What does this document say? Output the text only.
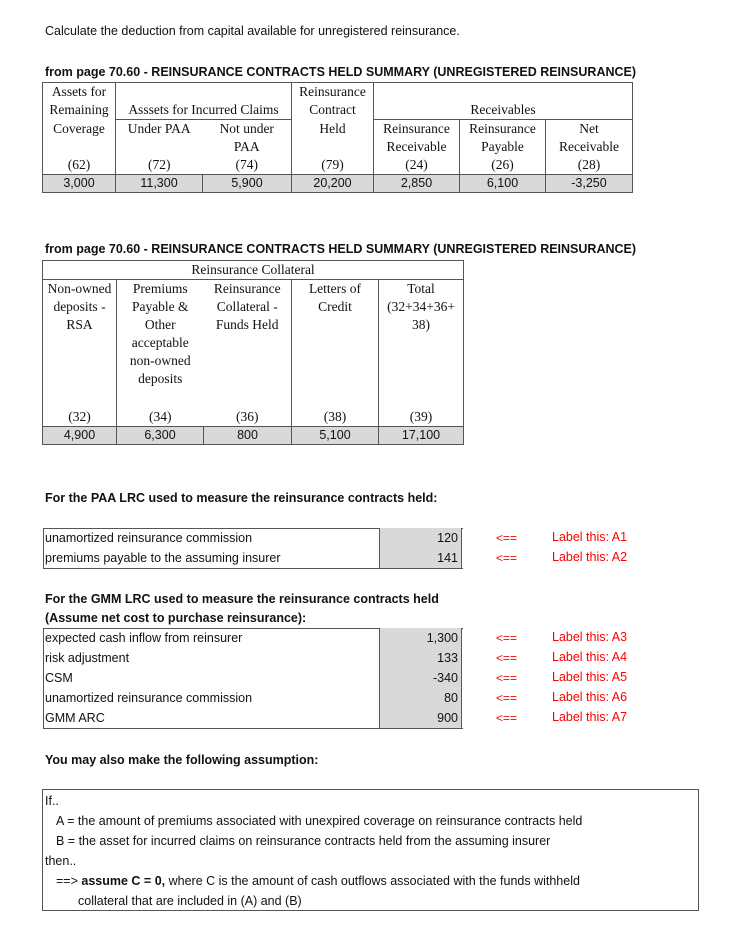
Calculate the deduction from capital available for unregistered reinsurance.
from page 70.60 - REINSURANCE CONTRACTS HELD SUMMARY (UNREGISTERED REINSURANCE)
Assets for			Reinsurance			
Remaining	Asssets for Incurred Claims		Contract	Receivables		
Coverage	Under PAA	Not under	Held	Reinsurance	Reinsurance	Net
		PAA		Receivable	Payable	Receivable
(62)	(72)	(74)	(79)	(24)	(26)	(28)
3,000	11,300	5,900	20,200	2,850	6,100	-3,250
from page 70.60 - REINSURANCE CONTRACTS HELD SUMMARY (UNREGISTERED REINSURANCE)
Reinsurance Collateral				
Non-owned	Premiums	Reinsurance	Letters of	Total
deposits -	Payable &	Collateral -	Credit	(32+34+36+
RSA	Other	Funds Held		38)
	acceptable			
	non-owned			
	deposits			

(32)	(34)	(36)	(38)	(39)
4,900	6,300	800	5,100	17,100
For the PAA LRC used to measure the reinsurance contracts held:
unamortized reinsurance commission	120	<==	Label this: A1
premiums payable to the assuming insurer	141	<==	Label this: A2
For the GMM LRC used to measure the reinsurance contracts held
(Assume net cost to purchase reinsurance):
expected cash inflow from reinsurer	1,300	<==	Label this: A3
risk adjustment	133	<==	Label this: A4
CSM	-340	<==	Label this: A5
unamortized reinsurance commission	80	<==	Label this: A6
GMM ARC	900	<==	Label this: A7
You may also make the following assumption:
If..
A = the amount of premiums associated with unexpired coverage on reinsurance contracts held
B = the asset for incurred claims on reinsurance contracts held from the assuming insurer
then..
==> assume C = 0, where C is the amount of cash outflows associated with the funds withheld
collateral that are included in (A) and (B)
